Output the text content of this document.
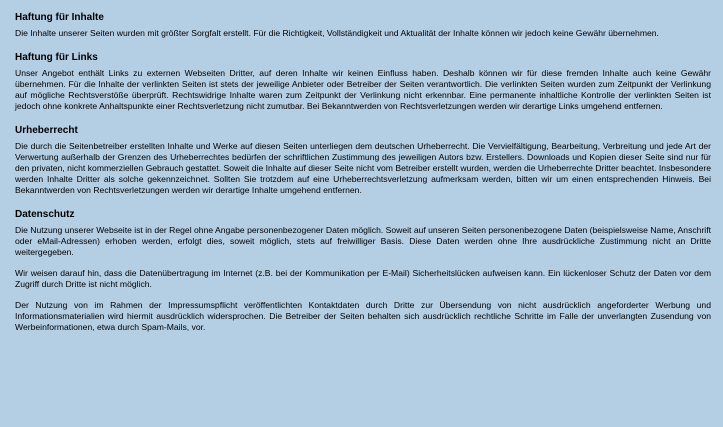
Haftung für Inhalte

Die Inhalte unserer Seiten wurden mit größter Sorgfalt erstellt. Für die Richtigkeit, Vollständigkeit und Aktualität der Inhalte können wir jedoch keine Gewähr übernehmen.

Haftung für Links

Unser Angebot enthält Links zu externen Webseiten Dritter, auf deren Inhalte wir keinen Einfluss haben. Deshalb können wir für diese fremden Inhalte auch keine Gewähr übernehmen. Für die Inhalte der verlinkten Seiten ist stets der jeweilige Anbieter oder Betreiber der Seiten verantwortlich. Die verlinkten Seiten wurden zum Zeitpunkt der Verlinkung auf mögliche Rechtsverstöße überprüft. Rechtswidrige Inhalte waren zum Zeitpunkt der Verlinkung nicht erkennbar. Eine permanente inhaltliche Kontrolle der verlinkten Seiten ist jedoch ohne konkrete Anhaltspunkte einer Rechtsverletzung nicht zumutbar. Bei Bekanntwerden von Rechtsverletzungen werden wir derartige Links umgehend entfernen.

Urheberrecht

Die durch die Seitenbetreiber erstellten Inhalte und Werke auf diesen Seiten unterliegen dem deutschen Urheberrecht. Die Vervielfältigung, Bearbeitung, Verbreitung und jede Art der Verwertung außerhalb der Grenzen des Urheberrechtes bedürfen der schriftlichen Zustimmung des jeweiligen Autors bzw. Erstellers. Downloads und Kopien dieser Seite sind nur für den privaten, nicht kommerziellen Gebrauch gestattet. Soweit die Inhalte auf dieser Seite nicht vom Betreiber erstellt wurden, werden die Urheberrechte Dritter beachtet. Insbesondere werden Inhalte Dritter als solche gekennzeichnet. Sollten Sie trotzdem auf eine Urheberrechtsverletzung aufmerksam werden, bitten wir um einen entsprechenden Hinweis. Bei Bekanntwerden von Rechtsverletzungen werden wir derartige Inhalte umgehend entfernen.

Datenschutz

Die Nutzung unserer Webseite ist in der Regel ohne Angabe personenbezogener Daten möglich. Soweit auf unseren Seiten personenbezogene Daten (beispielsweise Name, Anschrift oder eMail-Adressen) erhoben werden, erfolgt dies, soweit möglich, stets auf freiwilliger Basis. Diese Daten werden ohne Ihre ausdrückliche Zustimmung nicht an Dritte weitergegeben.

Wir weisen darauf hin, dass die Datenübertragung im Internet (z.B. bei der Kommunikation per E-Mail) Sicherheitslücken aufweisen kann. Ein lückenloser Schutz der Daten vor dem Zugriff durch Dritte ist nicht möglich.

Der Nutzung von im Rahmen der Impressumspflicht veröffentlichten Kontaktdaten durch Dritte zur Übersendung von nicht ausdrücklich angeforderter Werbung und Informationsmaterialien wird hiermit ausdrücklich widersprochen. Die Betreiber der Seiten behalten sich ausdrücklich rechtliche Schritte im Falle der unverlangten Zusendung von Werbeinformationen, etwa durch Spam-Mails, vor.
